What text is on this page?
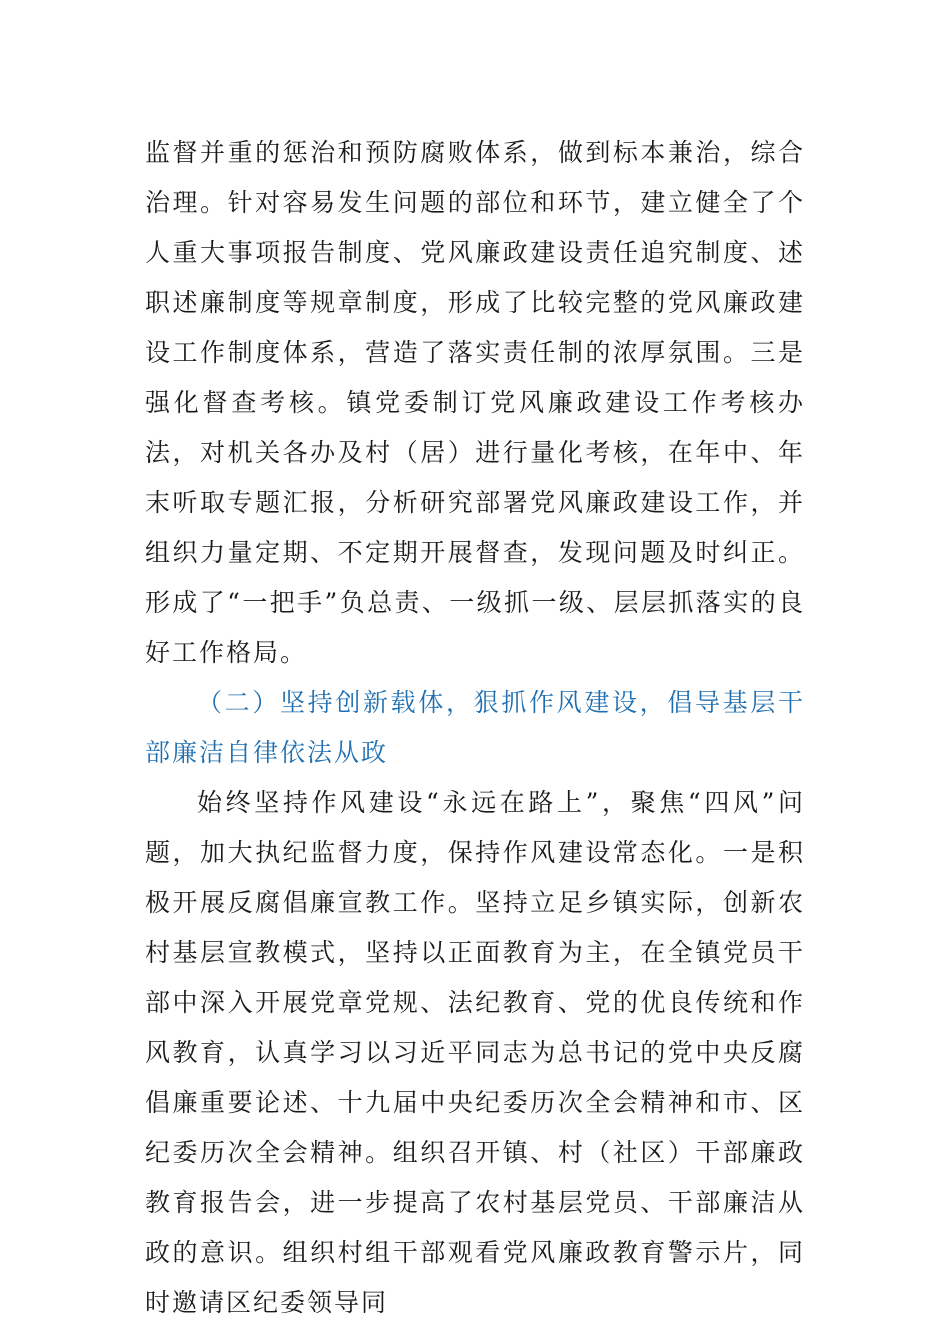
监督并重的惩治和预防腐败体系，做到标本兼治，综合治理。针对容易发生问题的部位和环节，建立健全了个人重大事项报告制度、党风廉政建设责任追究制度、述职述廉制度等规章制度，形成了比较完整的党风廉政建设工作制度体系，营造了落实责任制的浓厚氛围。三是强化督查考核。镇党委制订党风廉政建设工作考核办法，对机关各办及村（居）进行量化考核，在年中、年末听取专题汇报，分析研究部署党风廉政建设工作，并组织力量定期、不定期开展督查，发现问题及时纠正。形成了“一把手”负总责、一级抓一级、层层抓落实的良好工作格局。

（二）坚持创新载体，狠抓作风建设，倡导基层干部廉洁自律依法从政

始终坚持作风建设“永远在路上”，聚焦“四风”问题，加大执纪监督力度，保持作风建设常态化。一是积极开展反腐倡廉宣教工作。坚持立足乡镇实际，创新农村基层宣教模式，坚持以正面教育为主，在全镇党员干部中深入开展党章党规、法纪教育、党的优良传统和作风教育，认真学习以习近平同志为总书记的党中央反腐倡廉重要论述、十九届中央纪委历次全会精神和市、区纪委历次全会精神。组织召开镇、村（社区）干部廉政教育报告会，进一步提高了农村基层党员、干部廉洁从政的意识。组织村组干部观看党风廉政教育警示片，同时邀请区纪委领导同
